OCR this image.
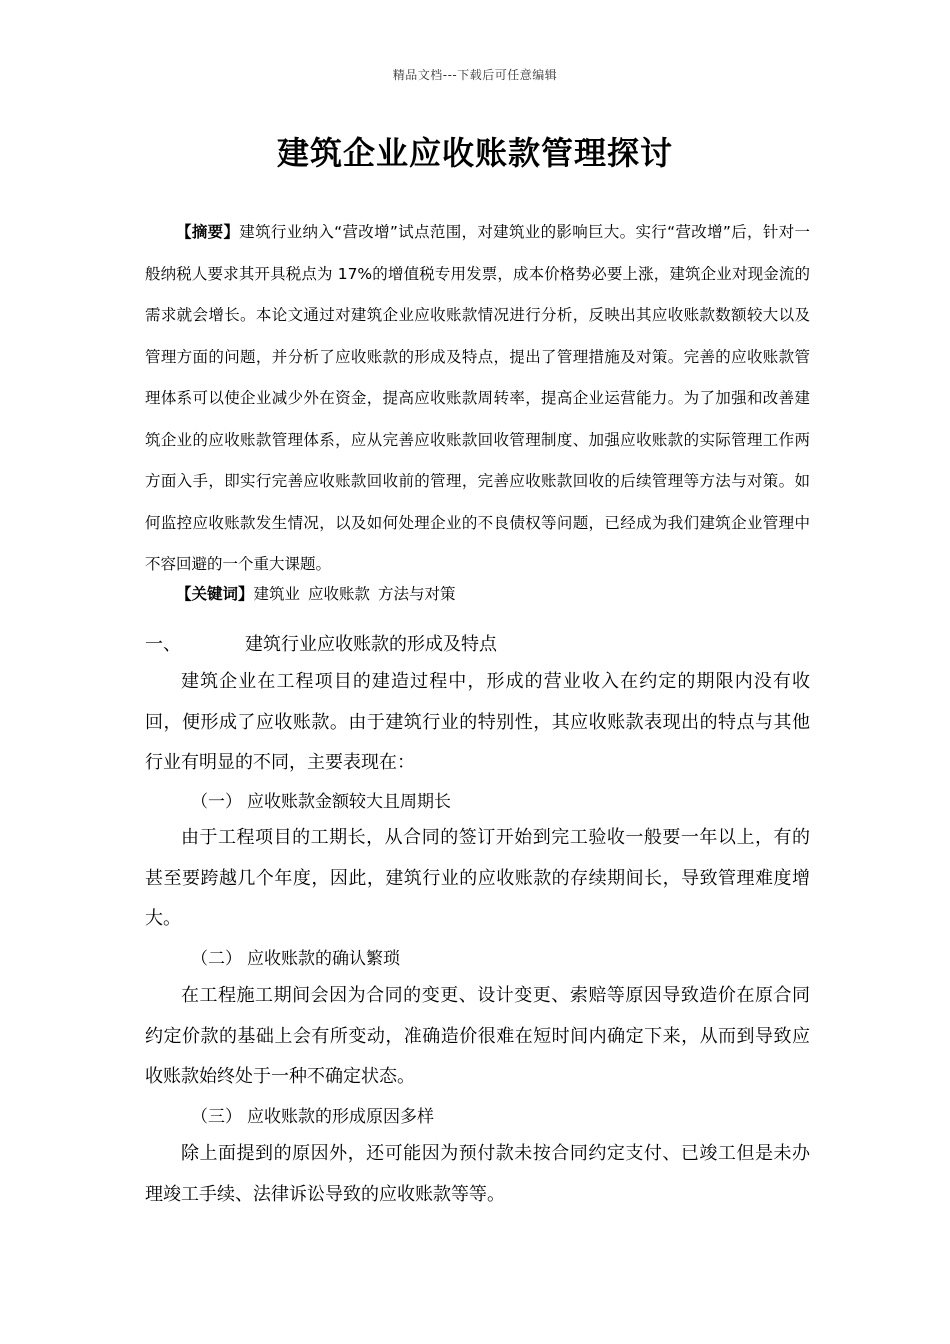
精品文档---下载后可任意编辑
建筑企业应收账款管理探讨

【摘要】建筑行业纳入“营改增”试点范围，对建筑业的影响巨大。实行“营改增”后，针对一般纳税人要求其开具税点为 17%的增值税专用发票，成本价格势必要上涨，建筑企业对现金流的需求就会增长。本论文通过对建筑企业应收账款情况进行分析，反映出其应收账款数额较大以及管理方面的问题，并分析了应收账款的形成及特点，提出了管理措施及对策。完善的应收账款管理体系可以使企业减少外在资金，提高应收账款周转率，提高企业运营能力。为了加强和改善建筑企业的应收账款管理体系，应从完善应收账款回收管理制度、加强应收账款的实际管理工作两方面入手，即实行完善应收账款回收前的管理，完善应收账款回收的后续管理等方法与对策。如何监控应收账款发生情况，以及如何处理企业的不良债权等问题，已经成为我们建筑企业管理中不容回避的一个重大课题。

【关键词】建筑业 应收账款 方法与对策

一、	建筑行业应收账款的形成及特点

建筑企业在工程项目的建造过程中，形成的营业收入在约定的期限内没有收回，便形成了应收账款。由于建筑行业的特别性，其应收账款表现出的特点与其他行业有明显的不同，主要表现在：

（一） 应收账款金额较大且周期长

由于工程项目的工期长，从合同的签订开始到完工验收一般要一年以上，有的甚至要跨越几个年度，因此，建筑行业的应收账款的存续期间长，导致管理难度增大。

（二） 应收账款的确认繁琐

在工程施工期间会因为合同的变更、设计变更、索赔等原因导致造价在原合同约定价款的基础上会有所变动，准确造价很难在短时间内确定下来，从而到导致应收账款始终处于一种不确定状态。

（三） 应收账款的形成原因多样

除上面提到的原因外，还可能因为预付款未按合同约定支付、已竣工但是未办理竣工手续、法律诉讼导致的应收账款等等。
